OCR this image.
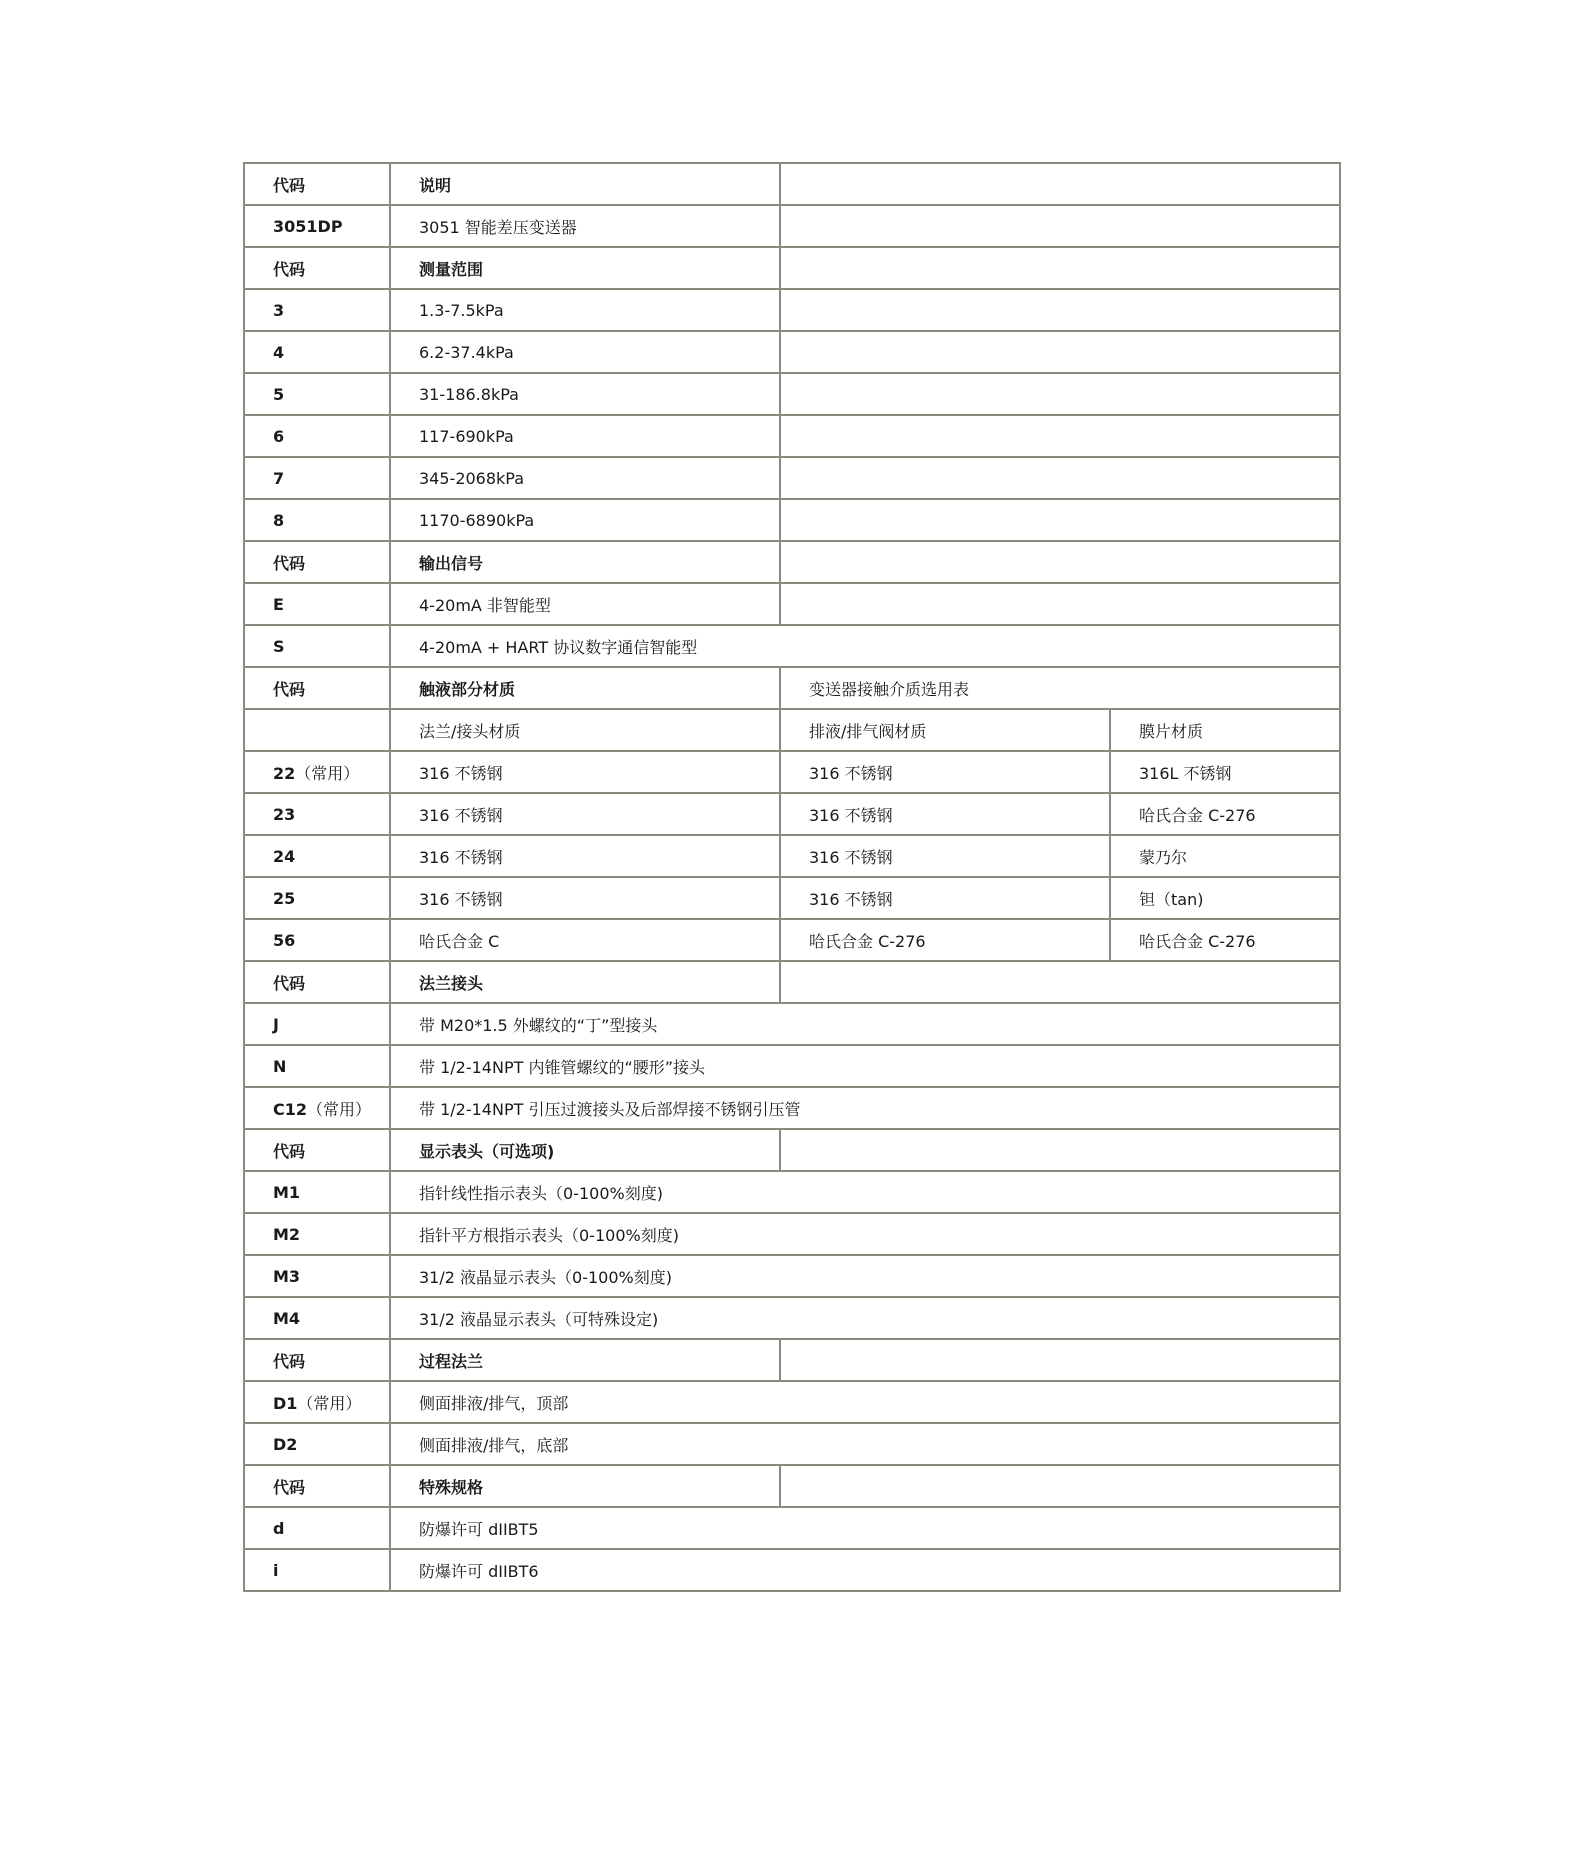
代码	说明		
3051DP	3051 智能差压变送器		
代码	测量范围		
3	1.3-7.5kPa		
4	6.2-37.4kPa		
5	31-186.8kPa		
6	117-690kPa		
7	345-2068kPa		
8	1170-6890kPa		
代码	输出信号		
E	4-20mA 非智能型		
S	4-20mA + HART 协议数字通信智能型		
代码	触液部分材质	变送器接触介质选用表	
	法兰/接头材质	排液/排气阀材质	膜片材质
22（常用）	316 不锈钢	316 不锈钢	316L 不锈钢
23	316 不锈钢	316 不锈钢	哈氏合金 C-276
24	316 不锈钢	316 不锈钢	蒙乃尔
25	316 不锈钢	316 不锈钢	钽（tan)
56	哈氏合金 C	哈氏合金 C-276	哈氏合金 C-276
代码	法兰接头		
J	带 M20*1.5 外螺纹的“丁”型接头		
N	带 1/2-14NPT 内锥管螺纹的“腰形”接头		
C12（常用）	带 1/2-14NPT 引压过渡接头及后部焊接不锈钢引压管		
代码	显示表头（可选项)		
M1	指针线性指示表头（0-100%刻度)		
M2	指针平方根指示表头（0-100%刻度)		
M3	31/2 液晶显示表头（0-100%刻度)		
M4	31/2 液晶显示表头（可特殊设定)		
代码	过程法兰		
D1（常用）	侧面排液/排气，顶部		
D2	侧面排液/排气，底部		
代码	特殊规格		
d	防爆许可 dIIBT5		
i	防爆许可 dIIBT6		
